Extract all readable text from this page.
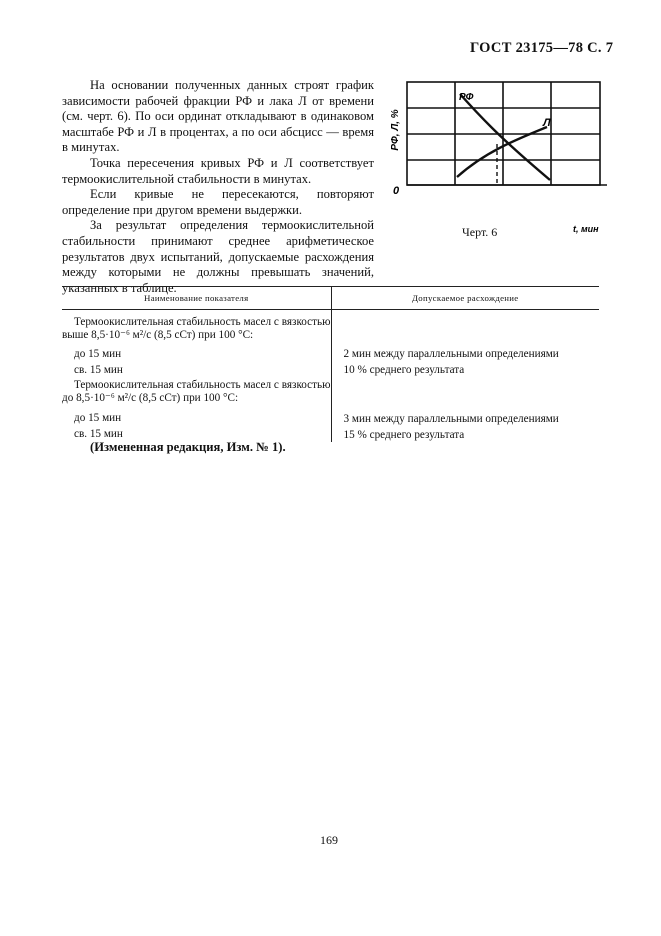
ГОСТ 23175—78 С. 7

На основании полученных данных строят график зависимости рабочей фракции РФ и лака Л от времени (см. черт. 6). По оси ординат откладывают в одинаковом масштабе РФ и Л в процентах, а по оси абсцисс — время в минутах.

Точка пересечения кривых РФ и Л соответствует термоокислительной стабильности в минутах.

Если кривые не пересекаются, повторяют определение при другом времени выдержки.

За результат определения термоокислительной стабильности принимают среднее арифметическое результатов двух испытаний, допускаемые расхождения между которыми не должны превышать значений, указанных в таблице.

РФ
Л
РФ, Л, %
0
t, мин
Черт. 6
Наименование показателя	Допускаемое расхождение
Термоокислительная стабильность масел с вязкостью выше 8,5·10⁻⁶ м²/с (8,5 сСт) при 100 °С:
до 15 мин
св. 15 мин
Термоокислительная стабильность масел с вязкостью до 8,5·10⁻⁶ м²/с (8,5 сСт) при 100 °С:
до 15 мин
св. 15 мин
2 мин между параллельными определениями
10 % среднего результата
3 мин между параллельными определениями
15 % среднего результата
(Измененная редакция, Изм. № 1).
169
